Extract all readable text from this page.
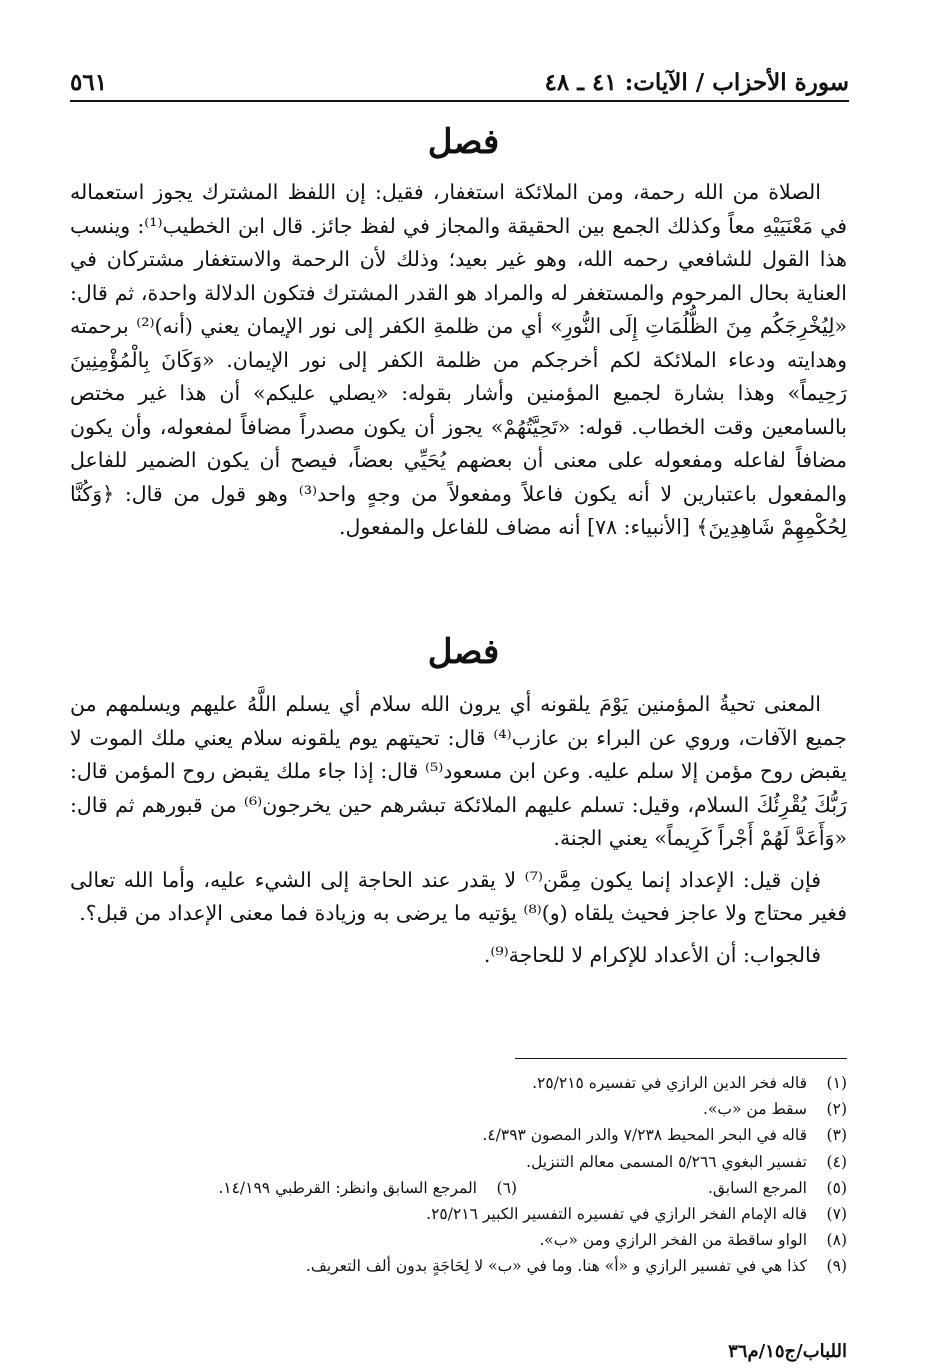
سورة الأحزاب / الآيات: ٤١ ـ ٤٨
٥٦١
فصل

الصلاة من الله رحمة، ومن الملائكة استغفار، فقيل: إن اللفظ المشترك يجوز استعماله في مَعْنَيَيْهِ معاً وكذلك الجمع بين الحقيقة والمجاز في لفظ جائز. قال ابن الخطيب⁽¹⁾: وينسب هذا القول للشافعي رحمه الله، وهو غير بعيد؛ وذلك لأن الرحمة والاستغفار مشتركان في العناية بحال المرحوم والمستغفر له والمراد هو القدر المشترك فتكون الدلالة واحدة، ثم قال: «لِيُخْرِجَكُم مِنَ الظُّلُمَاتِ إِلَى النُّورِ» أي من ظلمةِ الكفر إلى نور الإيمان يعني (أنه)⁽²⁾ برحمته وهدايته ودعاء الملائكة لكم أخرجكم من ظلمة الكفر إلى نور الإيمان. «وَكَانَ بِالْمُؤْمِنِينَ رَحِيماً» وهذا بشارة لجميع المؤمنين وأشار بقوله: «يصلي عليكم» أن هذا غير مختص بالسامعين وقت الخطاب. قوله: «تَحِيَّتُهُمْ» يجوز أن يكون مصدراً مضافاً لمفعوله، وأن يكون مضافاً لفاعله ومفعوله على معنى أن بعضهم يُحَيِّي بعضاً، فيصح أن يكون الضمير للفاعل والمفعول باعتبارين لا أنه يكون فاعلاً ومفعولاً من وجهٍ واحد⁽³⁾ وهو قول من قال: ﴿وَكُنَّا لِحُكْمِهِمْ شَاهِدِينَ﴾ [الأنبياء: ٧٨] أنه مضاف للفاعل والمفعول.

فصل

المعنى تحيةُ المؤمنين يَوْمَ يلقونه أي يرون الله سلام أي يسلم اللَّهُ عليهم ويسلمهم من جميع الآفات، وروي عن البراء بن عازب⁽⁴⁾ قال: تحيتهم يوم يلقونه سلام يعني ملك الموت لا يقبض روح مؤمن إلا سلم عليه. وعن ابن مسعود⁽⁵⁾ قال: إذا جاء ملك يقبض روح المؤمن قال: رَبُّكَ يُقْرِئُكَ السلام، وقيل: تسلم عليهم الملائكة تبشرهم حين يخرجون⁽⁶⁾ من قبورهم ثم قال: «وَأَعَدَّ لَهُمْ أَجْراً كَرِيماً» يعني الجنة.

فإن قيل: الإعداد إنما يكون مِمَّن⁽⁷⁾ لا يقدر عند الحاجة إلى الشيء عليه، وأما الله تعالى فغير محتاج ولا عاجز فحيث يلقاه (و)⁽⁸⁾ يؤتيه ما يرضى به وزيادة فما معنى الإعداد من قبل؟.

فالجواب: أن الأعداد للإكرام لا للحاجة⁽⁹⁾.

(١)
قاله فخر الدين الرازي في تفسيره ٢٥/٢١٥.
(٢)
سقط من «ب».
(٣)
قاله في البحر المحيط ٧/٢٣٨ والدر المصون ٤/٣٩٣.
(٤)
تفسير البغوي ٥/٢٦٦ المسمى معالم التنزيل.
(٥)
المرجع السابق.
(٦)
المرجع السابق وانظر: القرطبي ١٤/١٩٩.
(٧)
قاله الإمام الفخر الرازي في تفسيره التفسير الكبير ٢٥/٢١٦.
(٨)
الواو ساقطة من الفخر الرازي ومن «ب».
(٩)
كذا هي في تفسير الرازي و «أ» هنا. وما في «ب» لا لِحَاجَةٍ بدون ألف التعريف.
اللباب/ج١٥/م٣٦
